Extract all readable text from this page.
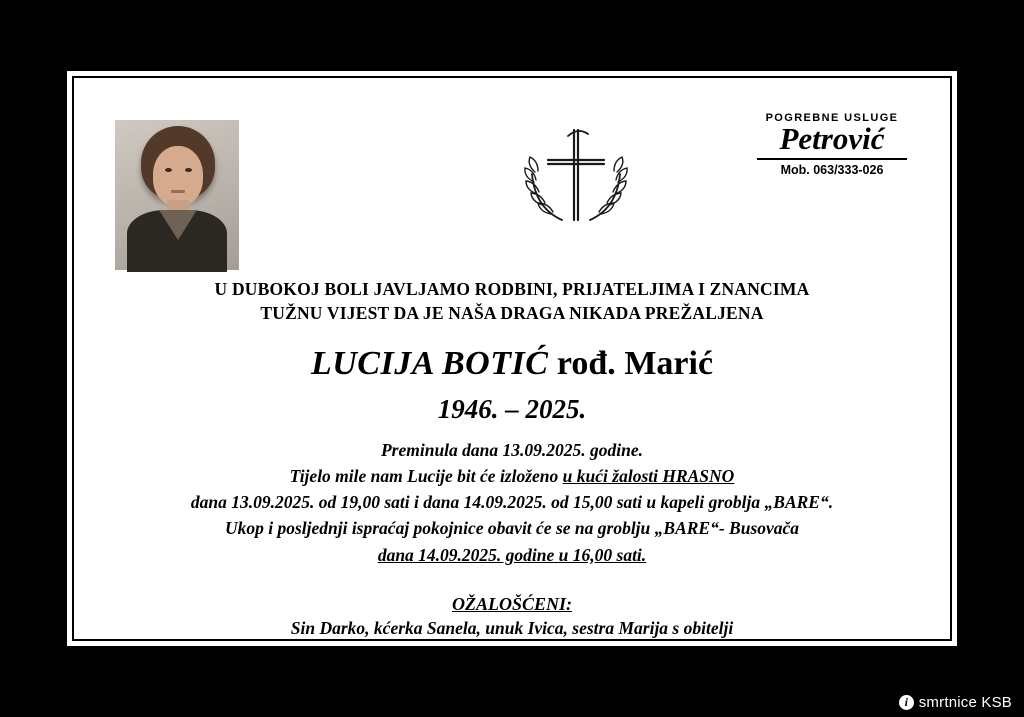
POGREBNE USLUGE
Petrović
Mob. 063/333-026
U DUBOKOJ BOLI JAVLJAMO RODBINI, PRIJATELJIMA I ZNANCIMA
TUŽNU VIJEST DA JE NAŠA DRAGA NIKADA PREŽALJENA
LUCIJA BOTIĆ rođ. Marić
1946. – 2025.
Preminula dana 13.09.2025. godine.
Tijelo mile nam Lucije bit će izloženo u kući žalosti HRASNO
dana 13.09.2025. od 19,00 sati i dana 14.09.2025. od 15,00 sati u kapeli groblja „BARE“.
Ukop i posljednji ispraćaj pokojnice obavit će se na groblju „BARE“- Busovača
dana 14.09.2025. godine u 16,00 sati.
OŽALOŠĆENI:
Sin Darko, kćerka Sanela, unuk Ivica, sestra Marija s obitelji
te ostala mnogobrojna rodbina i prijatelji.
i smrtnice KSB
